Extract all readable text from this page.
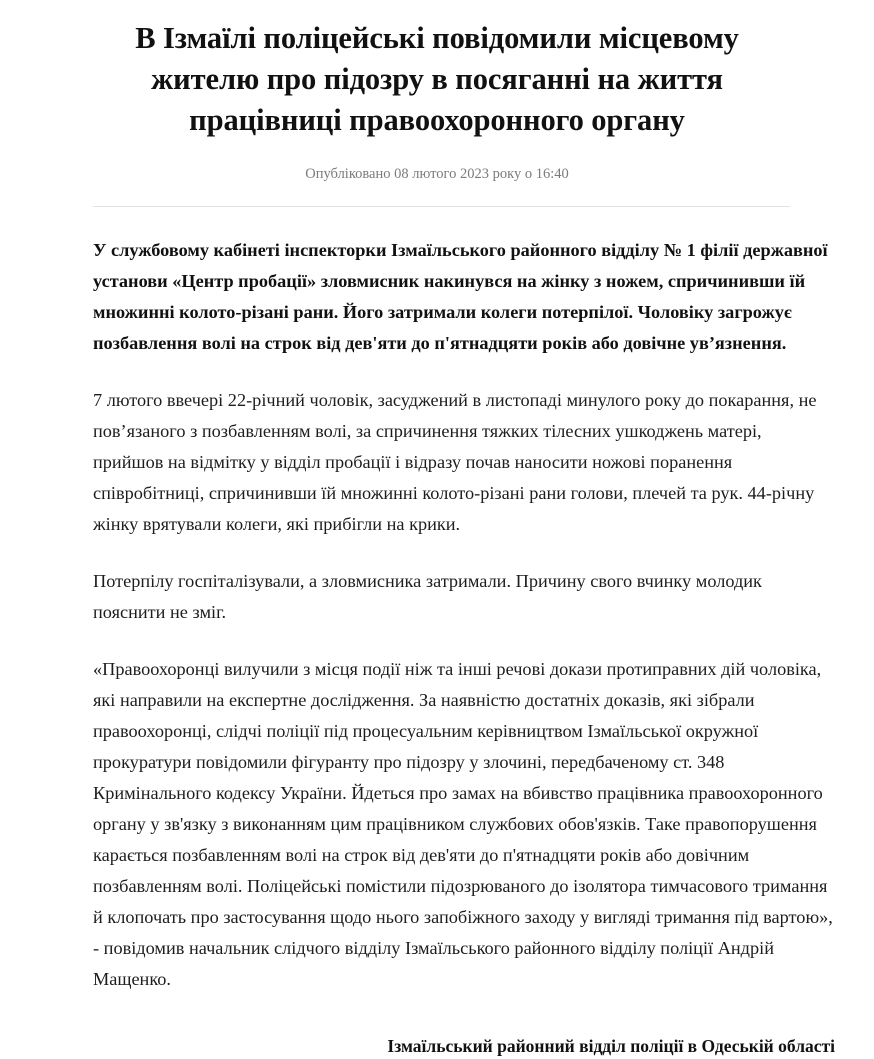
В Ізмаїлі поліцейські повідомили місцевому жителю про підозру в посяганні на життя працівниці правоохоронного органу
Опубліковано 08 лютого 2023 року о 16:40

У службовому кабінеті інспекторки Ізмаїльського районного відділу № 1 філії державної установи «Центр пробації» зловмисник накинувся на жінку з ножем, спричинивши їй множинні колото-різані рани. Його затримали колеги потерпілої. Чоловіку загрожує позбавлення волі на строк від дев'яти до п'ятнадцяти років або довічне ув’язнення.

7 лютого ввечері 22-річний чоловік, засуджений в листопаді минулого року до покарання, не пов’язаного з позбавленням волі, за спричинення тяжких тілесних ушкоджень матері, прийшов на відмітку у відділ пробації і відразу почав наносити ножові поранення співробітниці, спричинивши їй множинні колото-різані рани голови, плечей та рук. 44-річну жінку врятували колеги, які прибігли на крики.

Потерпілу госпіталізували, а зловмисника затримали. Причину свого вчинку молодик пояснити не зміг.

«Правоохоронці вилучили з місця події ніж та інші речові докази протиправних дій чоловіка, які направили на експертне дослідження. За наявністю достатніх доказів, які зібрали правоохоронці, слідчі поліції під процесуальним керівництвом Ізмаїльської окружної прокуратури повідомили фігуранту про підозру у злочині, передбаченому ст. 348 Кримінального кодексу України. Йдеться про замах на вбивство працівника правоохоронного органу у зв'язку з виконанням цим працівником службових обов'язків. Таке правопорушення карається позбавленням волі на строк від дев'яти до п'ятнадцяти років або довічним позбавленням волі. Поліцейські помістили підозрюваного до ізолятора тимчасового тримання й клопочать про застосування щодо нього запобіжного заходу у вигляді тримання під вартою», - повідомив начальник слідчого відділу Ізмаїльського районного відділу поліції Андрій Мащенко.

Ізмаїльський районний відділ поліції в Одеській області
